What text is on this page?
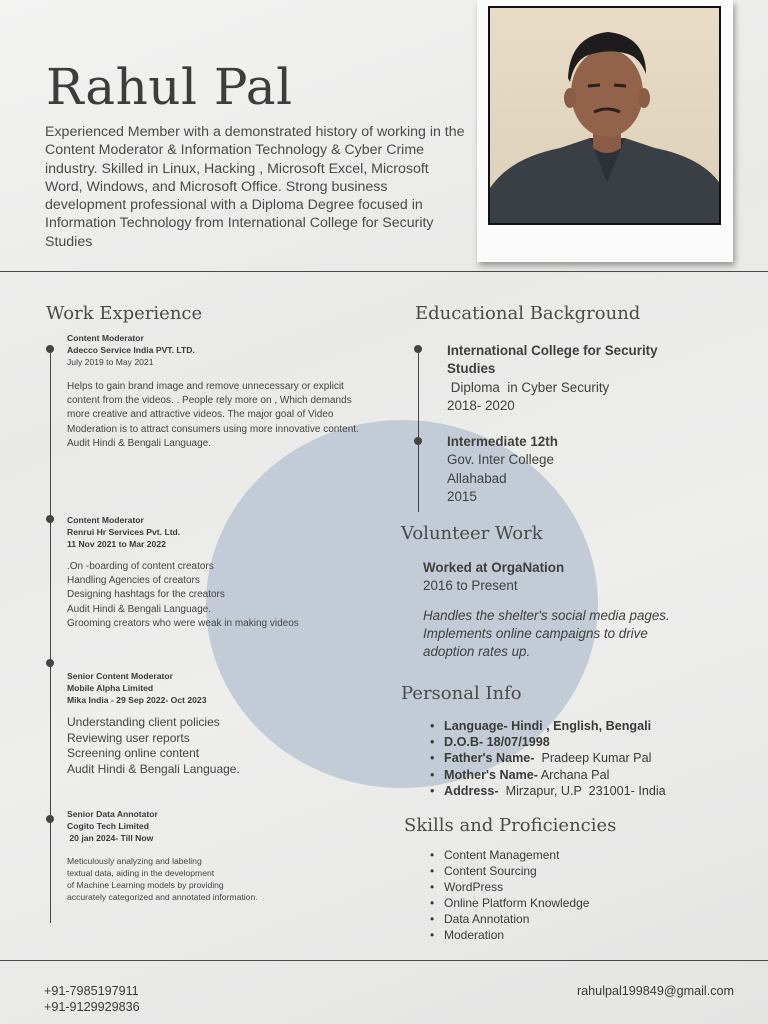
Rahul Pal
Experienced Member with a demonstrated history of working in the Content Moderator & Information Technology & Cyber Crime industry. Skilled in Linux, Hacking , Microsoft Excel, Microsoft Word, Windows, and Microsoft Office. Strong business development professional with a Diploma Degree focused in Information Technology from International College for Security Studies
Work Experience
Content Moderator
Adecco Service India PVT. LTD.
July 2019 to May 2021
Helps to gain brand image and remove unnecessary or explicit content from the videos. . People rely more on , Which demands more creative and attractive videos. The major goal of Video Moderation is to attract consumers using more innovative content.
Audit Hindi & Bengali Language.
Content Moderator
Renrui Hr Services Pvt. Ltd.
11 Nov 2021 to Mar 2022
.On -boarding of content creators
Handling Agencies of creators
Designing hashtags for the creators
Audit Hindi & Bengali Language.
Grooming creators who were weak in making videos
Senior Content Moderator
Mobile Alpha Limited
Mika India - 29 Sep 2022- Oct 2023
Understanding client policies
Reviewing user reports
Screening online content
Audit Hindi & Bengali Language.
Senior Data Annotator
Cogito Tech Limited
20 jan 2024- Till Now
Meticulously analyzing and labeling
textual data, aiding in the development
of Machine Learning models by providing
accurately categorized and annotated information.
Educational Background
International College for Security Studies
Diploma  in Cyber Security
2018- 2020
Intermediate 12th
Gov. Inter College
Allahabad
2015
Volunteer Work
Worked at OrgaNation
2016 to Present
Handles the shelter's social media pages. Implements online campaigns to drive adoption rates up.
Personal Info
• Language- Hindi , English, Bengali
• D.O.B- 18/07/1998
• Father's Name-  Pradeep Kumar Pal
• Mother's Name- Archana Pal
• Address-  Mirzapur, U.P  231001- India
Skills and Proficiencies
• Content Management
• Content Sourcing
• WordPress
• Online Platform Knowledge
• Data Annotation
• Moderation
+91-7985197911
+91-9129929836
rahulpal199849@gmail.com
